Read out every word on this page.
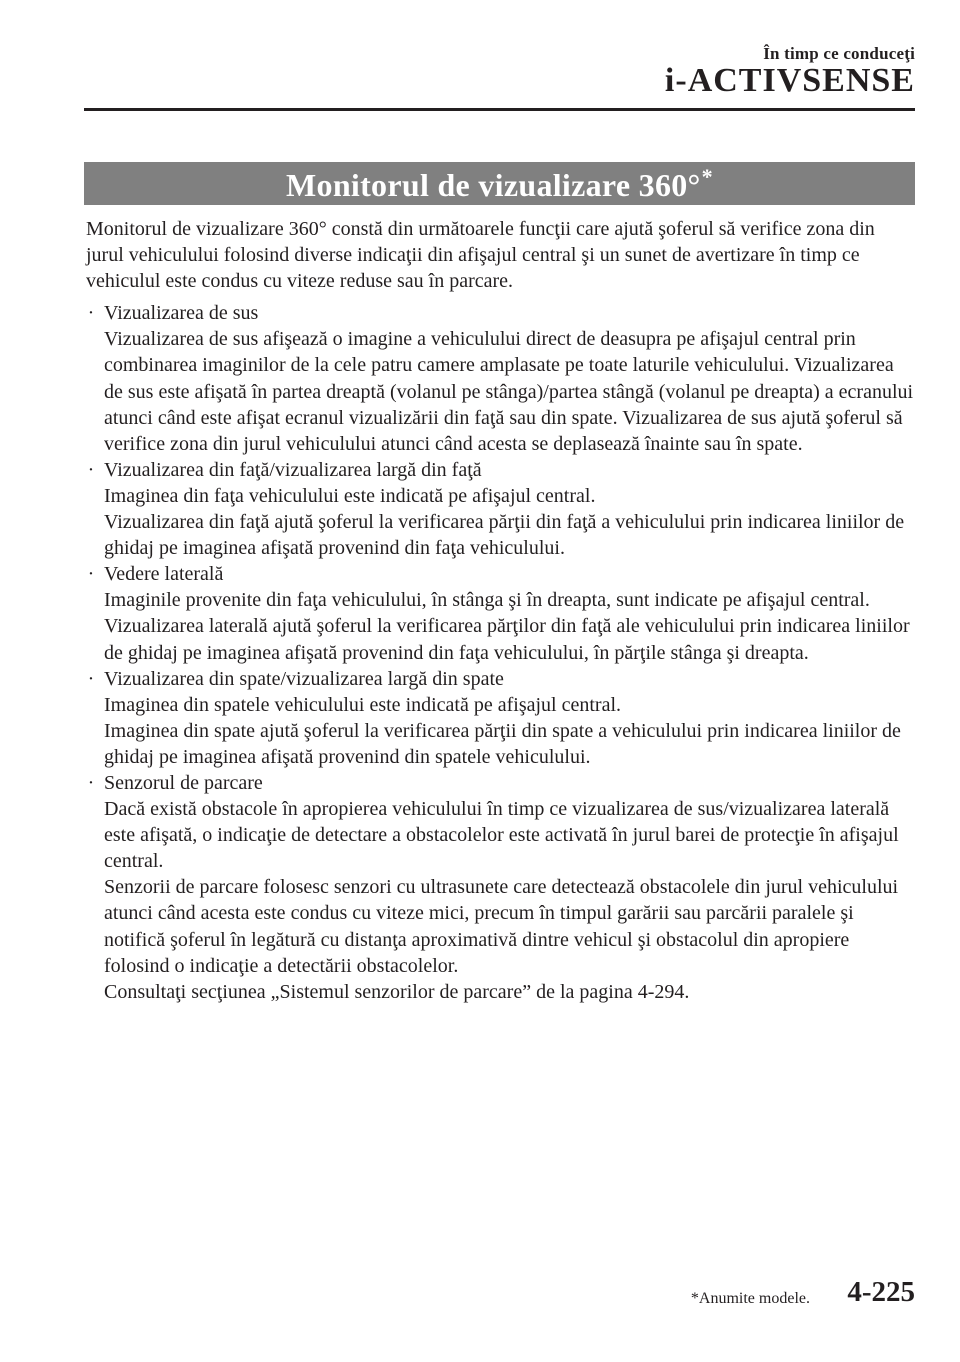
În timp ce conduceţi
i-ACTIVSENSE
Monitorul de vizualizare 360°*

Monitorul de vizualizare 360° constă din următoarele funcţii care ajută şoferul să verifice zona din jurul vehiculului folosind diverse indicaţii din afişajul central şi un sunet de avertizare în timp ce vehiculul este condus cu viteze reduse sau în parcare.

· Vizualizarea de sus

Vizualizarea de sus afişează o imagine a vehiculului direct de deasupra pe afişajul central prin combinarea imaginilor de la cele patru camere amplasate pe toate laturile vehiculului. Vizualizarea de sus este afişată în partea dreaptă (volanul pe stânga)/partea stângă (volanul pe dreapta) a ecranului atunci când este afişat ecranul vizualizării din faţă sau din spate. Vizualizarea de sus ajută şoferul să verifice zona din jurul vehiculului atunci când acesta se deplasează înainte sau în spate.

· Vizualizarea din faţă/vizualizarea largă din faţă

Imaginea din faţa vehiculului este indicată pe afişajul central.

Vizualizarea din faţă ajută şoferul la verificarea părţii din faţă a vehiculului prin indicarea liniilor de ghidaj pe imaginea afişată provenind din faţa vehiculului.

· Vedere laterală

Imaginile provenite din faţa vehiculului, în stânga şi în dreapta, sunt indicate pe afişajul central.

Vizualizarea laterală ajută şoferul la verificarea părţilor din faţă ale vehiculului prin indicarea liniilor de ghidaj pe imaginea afişată provenind din faţa vehiculului, în părţile stânga şi dreapta.

· Vizualizarea din spate/vizualizarea largă din spate

Imaginea din spatele vehiculului este indicată pe afişajul central.

Imaginea din spate ajută şoferul la verificarea părţii din spate a vehiculului prin indicarea liniilor de ghidaj pe imaginea afişată provenind din spatele vehiculului.

· Senzorul de parcare

Dacă există obstacole în apropierea vehiculului în timp ce vizualizarea de sus/vizualizarea laterală este afişată, o indicaţie de detectare a obstacolelor este activată în jurul barei de protecţie în afişajul central.

Senzorii de parcare folosesc senzori cu ultrasunete care detectează obstacolele din jurul vehiculului atunci când acesta este condus cu viteze mici, precum în timpul garării sau parcării paralele şi notifică şoferul în legătură cu distanţa aproximativă dintre vehicul şi obstacolul din apropiere folosind o indicaţie a detectării obstacolelor.

Consultaţi secţiunea „Sistemul senzorilor de parcare” de la pagina 4-294.

*Anumite modele. 4-225
